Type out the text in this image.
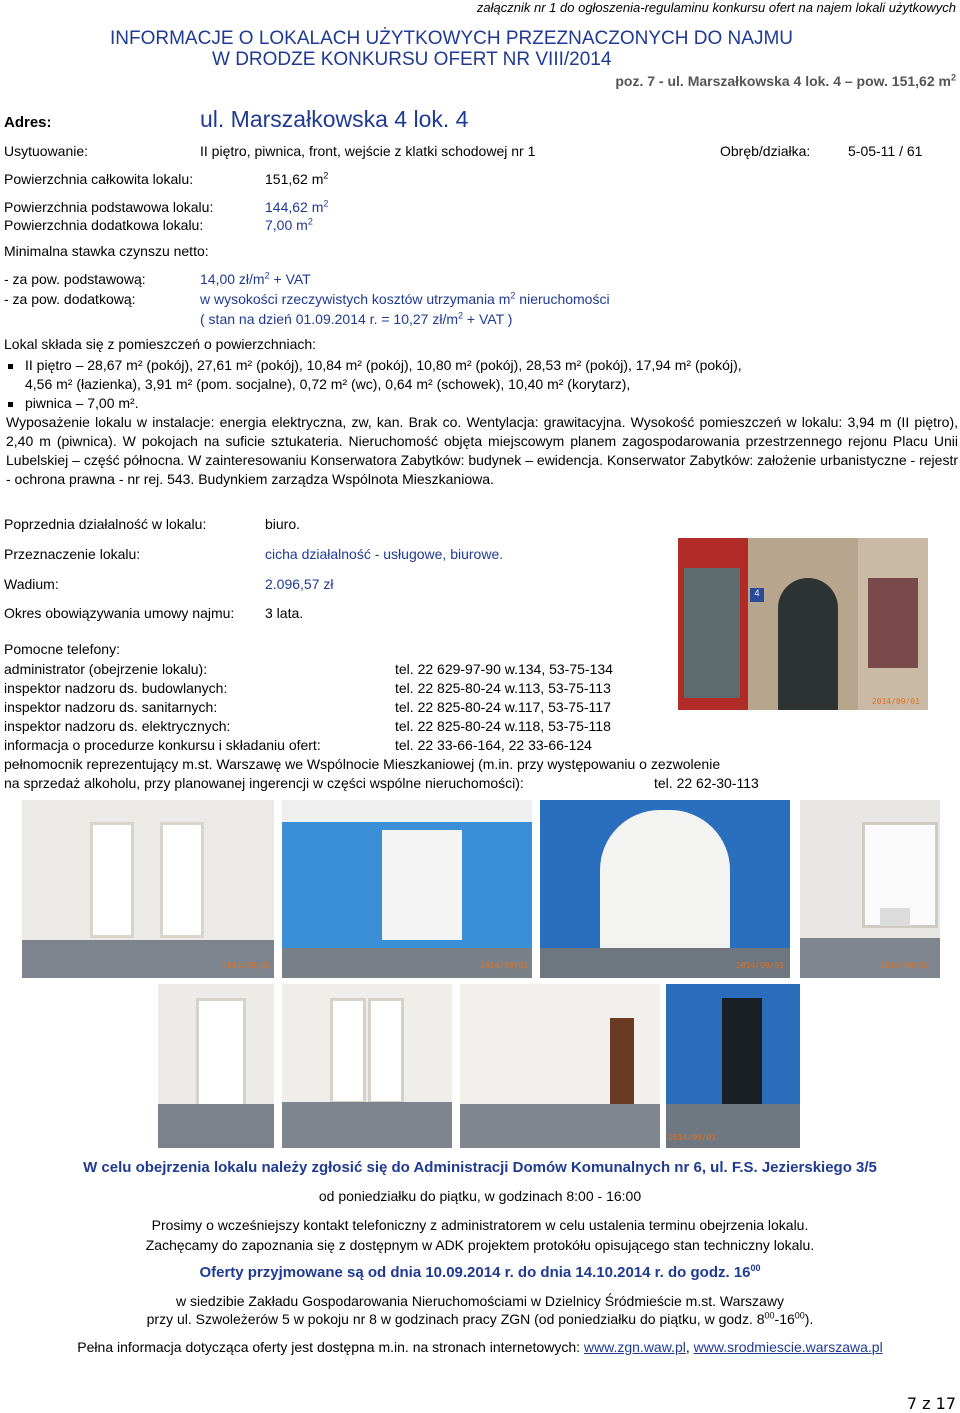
załącznik nr 1 do ogłoszenia-regulaminu konkursu ofert na najem lokali użytkowych
INFORMACJE O LOKALACH UŻYTKOWYCH PRZEZNACZONYCH DO NAJMU
W DRODZE KONKURSU OFERT NR VIII/2014
poz. 7 - ul. Marszałkowska 4 lok. 4 – pow. 151,62 $m^2$
Adres:	ul. Marszałkowska 4 lok. 4
Usytuowanie:	II piętro, piwnica, front, wejście z klatki schodowej nr 1	Obręb/działka:	5-05-11 / 61
Powierzchnia całkowita lokalu:	151,62 $m^2$
Powierzchnia podstawowa lokalu:	144,62 $m^2$
Powierzchnia dodatkowa lokalu:	7,00 $m^2$
Minimalna stawka czynszu netto:
- za pow. podstawową:	14,00 $zł/m^2$ + VAT
- za pow. dodatkową:	w wysokości rzeczywistych kosztów utrzymania $m^2$ nieruchomości
( stan na dzień 01.09.2014 r. = 10,27 $zł/m^2$ + VAT )
Lokal składa się z pomieszczeń o powierzchniach:
II piętro – 28,67 m² (pokój), 27,61 m² (pokój), 10,84 m² (pokój), 10,80 m² (pokój), 28,53 m² (pokój), 17,94 m² (pokój),
4,56 m² (łazienka), 3,91 m² (pom. socjalne), 0,72 m² (wc), 0,64 m² (schowek), 10,40 m² (korytarz),
piwnica – 7,00 m².
Wyposażenie lokalu w instalacje: energia elektryczna, zw, kan. Brak co. Wentylacja: grawitacyjna. Wysokość pomieszczeń w lokalu: 3,94 m (II piętro), 2,40 m (piwnica). W pokojach na suficie sztukateria. Nieruchomość objęta miejscowym planem zagospodarowania przestrzennego rejonu Placu Unii Lubelskiej – część północna. W zainteresowaniu Konserwatora Zabytków: budynek – ewidencja. Konserwator Zabytków: założenie urbanistyczne - rejestr - ochrona prawna - nr rej. 543. Budynkiem zarządza Wspólnota Mieszkaniowa.
Poprzednia działalność w lokalu:	biuro.
Przeznaczenie lokalu:	cicha działalność - usługowe, biurowe.
Wadium:	2.096,57 zł
Okres obowiązywania umowy najmu: 3 lata.
Pomocne telefony:
administrator (obejrzenie lokalu):	tel. 22 629-97-90 w.134, 53-75-134
inspektor nadzoru ds. budowlanych:	tel. 22 825-80-24 w.113, 53-75-113
inspektor nadzoru ds. sanitarnych:	tel. 22 825-80-24 w.117, 53-75-117
inspektor nadzoru ds. elektrycznych:	tel. 22 825-80-24 w.118, 53-75-118
informacja o procedurze konkursu i składaniu ofert:	tel. 22 33-66-164, 22 33-66-124
pełnomocnik reprezentujący m.st. Warszawę we Wspólnocie Mieszkaniowej (m.in. przy występowaniu o zezwolenie
na sprzedaż alkoholu, przy planowanej ingerencji w części wspólne nieruchomości):	tel. 22 62-30-113
4
2014/09/01
2014/09/01	2014/09/01	2014/09/01	2014/09/01
2014/09/01
W celu obejrzenia lokalu należy zgłosić się do Administracji Domów Komunalnych nr 6, ul. F.S. Jezierskiego 3/5
od poniedziałku do piątku, w godzinach 8:00 - 16:00
Prosimy o wcześniejszy kontakt telefoniczny z administratorem w celu ustalenia terminu obejrzenia lokalu.
Zachęcamy do zapoznania się z dostępnym w ADK projektem protokółu opisującego stan techniczny lokalu.
Oferty przyjmowane są od dnia 10.09.2014 r. do dnia 14.10.2014 r. do godz. $16^{00}$
w siedzibie Zakładu Gospodarowania Nieruchomościami w Dzielnicy Śródmieście m.st. Warszawy
przy ul. Szwoleżerów 5 w pokoju nr 8 w godzinach pracy ZGN (od poniedziałku do piątku, w godz. $8^{00}-16^{00}$).
Pełna informacja dotycząca oferty jest dostępna m.in. na stronach internetowych: www.zgn.waw.pl, www.srodmiescie.warszawa.pl
7 z 17
